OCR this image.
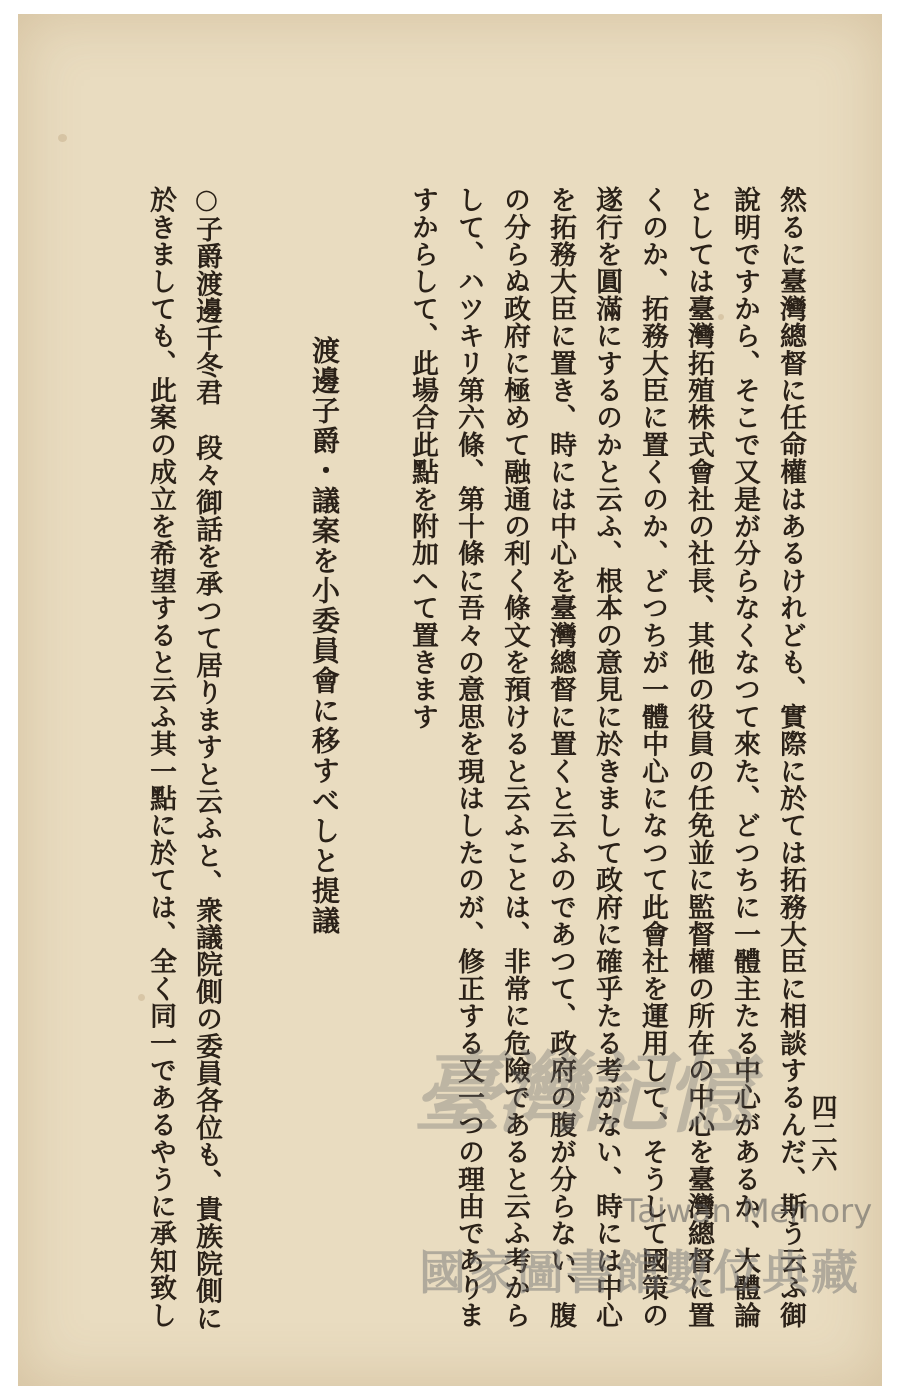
四二六
然るに臺灣總督に任命權はあるけれども、實際に於ては拓務大臣に相談するんだ、斯う云ふ御
說明ですから、そこで又是が分らなくなつて來た、どつちに一體主たる中心があるか、大體論
としては臺灣拓殖株式會社の社長、其他の役員の任免並に監督權の所在の中心を臺灣總督に置
くのか、拓務大臣に置くのか、どつちが一體中心になつて此會社を運用して、そうして國策の
遂行を圓滿にするのかと云ふ、根本の意見に於きまして政府に確乎たる考がない、時には中心
を拓務大臣に置き、時には中心を臺灣總督に置くと云ふのであつて、政府の腹が分らない、腹
の分らぬ政府に極めて融通の利く條文を預けると云ふことは、非常に危險であると云ふ考から
して、ハツキリ第六條、第十條に吾々の意思を現はしたのが、修正する又一つの理由でありま
すからして、此場合此點を附加へて置きます
渡邊子爵・議案を小委員會に移すべしと提議
○子爵渡邊千冬君段々御話を承つて居りますと云ふと、衆議院側の委員各位も、貴族院側に
於きましても、此案の成立を希望すると云ふ其一點に於ては、全く同一であるやうに承知致し	臺灣記憶
Taiwan Memory
國家圖書館數位典藏
